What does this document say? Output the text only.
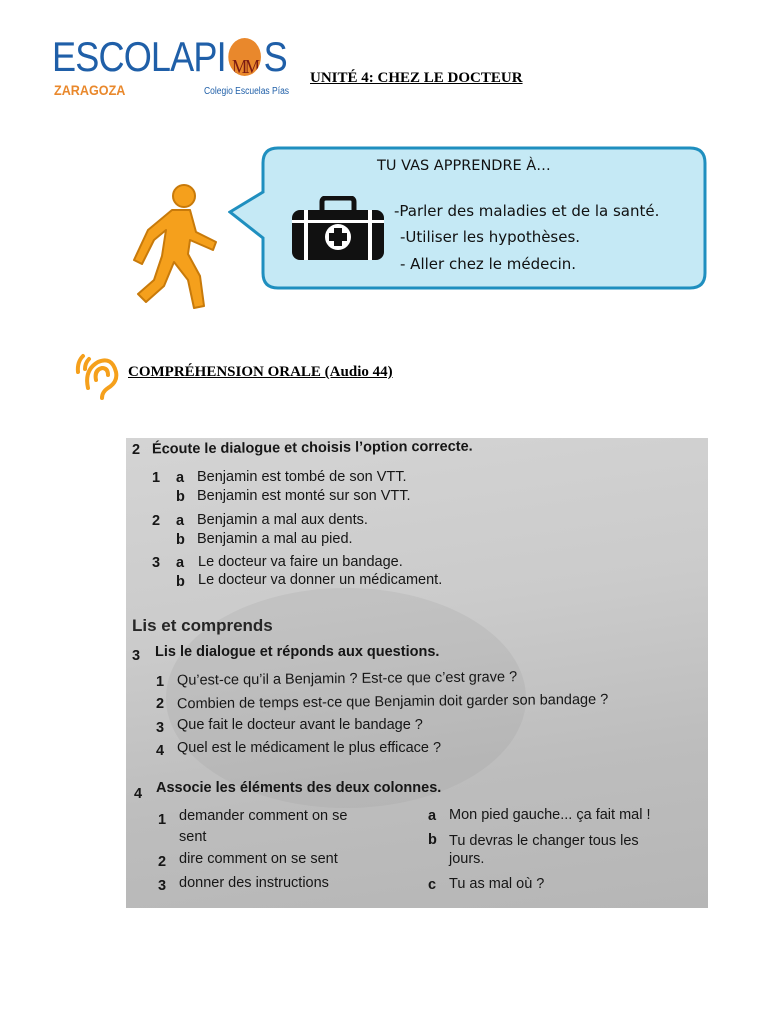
ESCOLAPI MM S
ZARAGOZA	Colegio Escuelas Pías
UNITÉ 4: CHEZ LE DOCTEUR
TU VAS APPRENDRE À…
-Parler des maladies et de la santé.
-Utiliser les hypothèses.
- Aller chez le médecin.
COMPRÉHENSION ORALE (Audio 44)
2 Écoute le dialogue et choisis l’option correcte.
1 a Benjamin est tombé de son VTT.
b Benjamin est monté sur son VTT.
2 a Benjamin a mal aux dents.
b Benjamin a mal au pied.
3 a Le docteur va faire un bandage.
b Le docteur va donner un médicament.
Lis et comprends
3 Lis le dialogue et réponds aux questions.
1 Qu’est-ce qu’il a Benjamin ? Est-ce que c’est grave ?
2 Combien de temps est-ce que Benjamin doit garder son bandage ?
3 Que fait le docteur avant le bandage ?
4 Quel est le médicament le plus efficace ?
4 Associe les éléments des deux colonnes.
1 demander comment on se
sent
2 dire comment on se sent
3 donner des instructions
a Mon pied gauche... ça fait mal !
b Tu devras le changer tous les
jours.
c Tu as mal où ?
